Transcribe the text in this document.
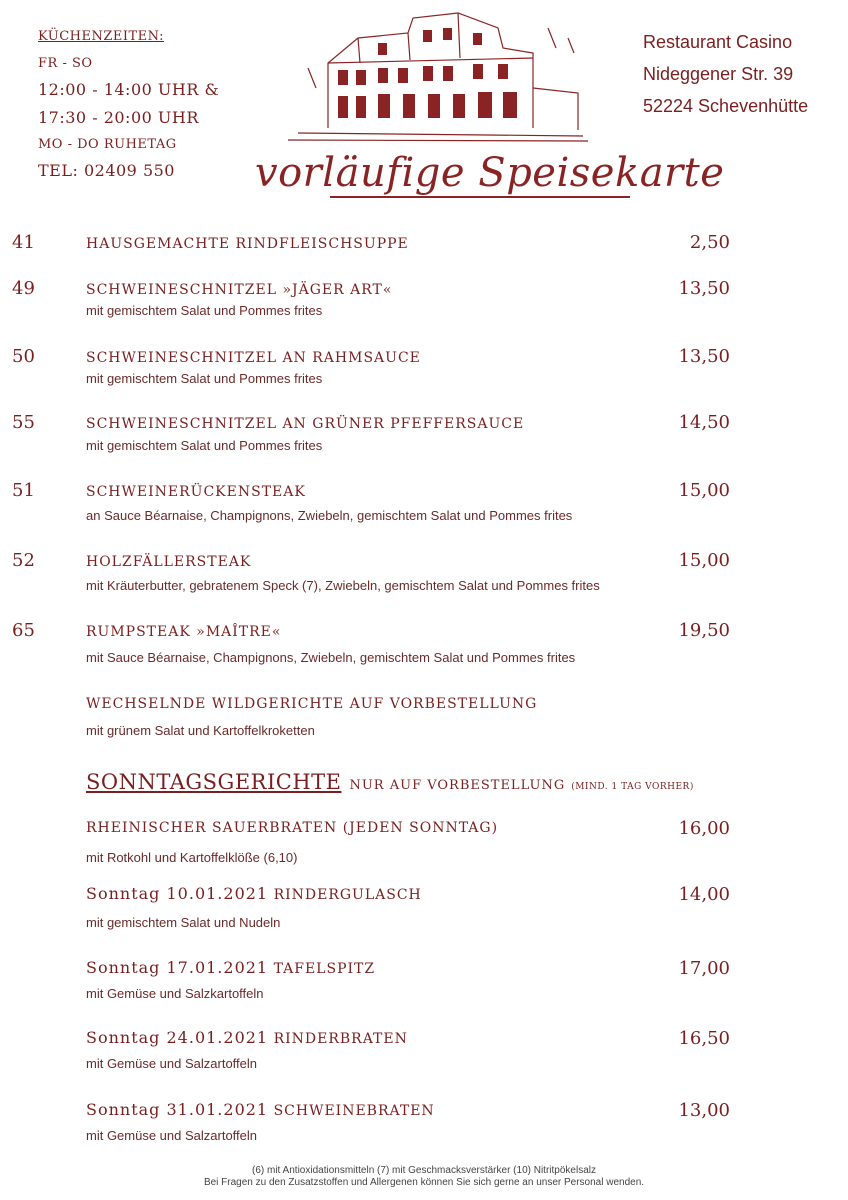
KÜCHENZEITEN:
FR - SO
12:00 - 14:00 UHR &
17:30 - 20:00 UHR
MO - DO RUHETAG
TEL: 02409 550
Restaurant Casino
Nideggener Str. 39
52224 Schevenhütte
vorläufige Speisekarte
41	HAUSGEMACHTE RINDFLEISCHSUPPE	2,50
49	SCHWEINESCHNITZEL »JÄGER ART«	13,50
mit gemischtem Salat und Pommes frites
50	SCHWEINESCHNITZEL AN RAHMSAUCE	13,50
mit gemischtem Salat und Pommes frites
55	SCHWEINESCHNITZEL AN GRÜNER PFEFFERSAUCE	14,50
mit gemischtem Salat und Pommes frites
51	SCHWEINERÜCKENSTEAK	15,00
an Sauce Béarnaise, Champignons, Zwiebeln, gemischtem Salat und Pommes frites
52	HOLZFÄLLERSTEAK	15,00
mit Kräuterbutter, gebratenem Speck (7), Zwiebeln, gemischtem Salat und Pommes frites
65	RUMPSTEAK »MAÎTRE«	19,50
mit Sauce Béarnaise, Champignons, Zwiebeln, gemischtem Salat und Pommes frites
WECHSELNDE WILDGERICHTE AUF VORBESTELLUNG
mit grünem Salat und Kartoffelkroketten
SONNTAGSGERICHTE NUR AUF VORBESTELLUNG (MIND. 1 TAG VORHER)
RHEINISCHER SAUERBRATEN (JEDEN SONNTAG)	16,00
mit Rotkohl und Kartoffelklöße (6,10)
Sonntag 10.01.2021 RINDERGULASCH	14,00
mit gemischtem Salat und Nudeln
Sonntag 17.01.2021 TAFELSPITZ	17,00
mit Gemüse und Salzkartoffeln
Sonntag 24.01.2021 RINDERBRATEN	16,50
mit Gemüse und Salzartoffeln
Sonntag 31.01.2021 SCHWEINEBRATEN	13,00
mit Gemüse und Salzartoffeln
(6) mit Antioxidationsmitteln (7) mit Geschmacksverstärker (10) Nitritpökelsalz
Bei Fragen zu den Zusatzstoffen und Allergenen können Sie sich gerne an unser Personal wenden.
